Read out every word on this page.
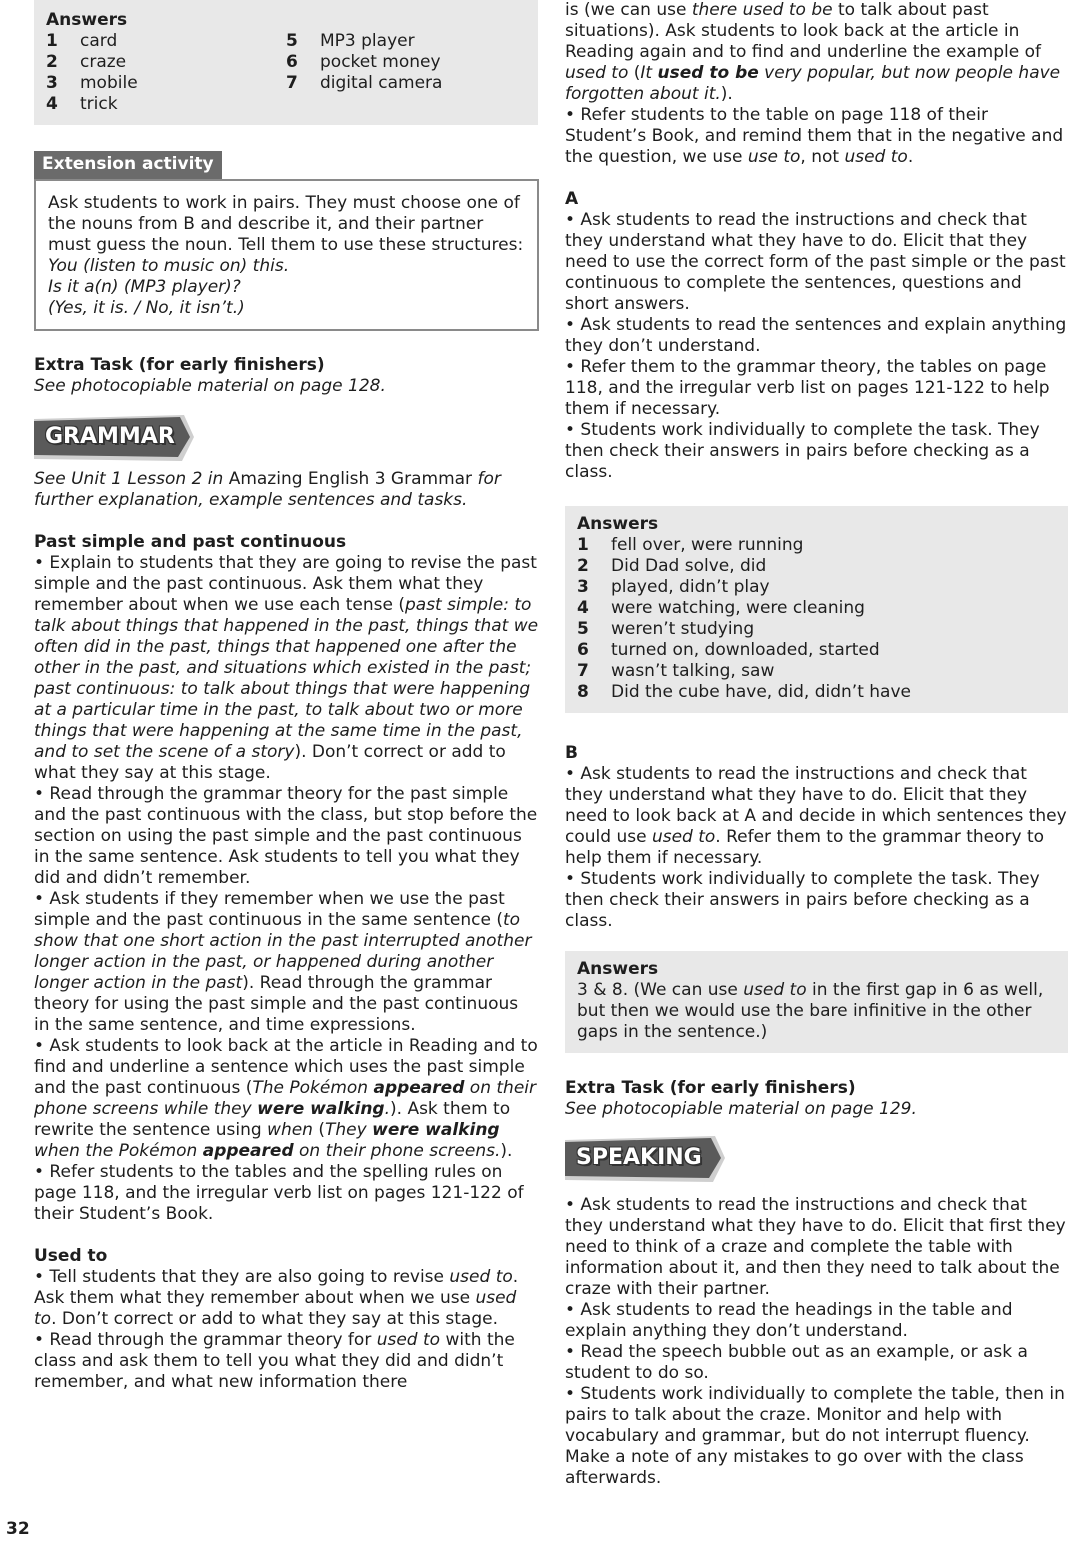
Answers
1	card
2	craze
3	mobile
4	trick
5	MP3 player
6	pocket money
7	digital camera
Extension activity

Ask students to work in pairs. They must choose one of the nouns from B and describe it, and their partner must guess the noun. Tell them to use these structures:

You (listen to music on) this.

Is it a(n) (MP3 player)?

(Yes, it is. / No, it isn’t.)

Extra Task (for early finishers)

See photocopiable material on page 128.

GRAMMAR

See Unit 1 Lesson 2 in Amazing English 3 Grammar for further explanation, example sentences and tasks.

Past simple and past continuous

• Explain to students that they are going to revise the past simple and the past continuous. Ask them what they remember about when we use each tense (past simple: to talk about things that happened in the past, things that we often did in the past, things that happened one after the other in the past, and situations which existed in the past; past continuous: to talk about things that were happening at a particular time in the past, to talk about two or more things that were happening at the same time in the past, and to set the scene of a story). Don’t correct or add to what they say at this stage.

• Read through the grammar theory for the past simple and the past continuous with the class, but stop before the section on using the past simple and the past continuous in the same sentence. Ask students to tell you what they did and didn’t remember.

• Ask students if they remember when we use the past simple and the past continuous in the same sentence (to show that one short action in the past interrupted another longer action in the past, or happened during another longer action in the past). Read through the grammar theory for using the past simple and the past continuous in the same sentence, and time expressions.

• Ask students to look back at the article in Reading and to find and underline a sentence which uses the past simple and the past continuous (The Pokémon appeared on their phone screens while they were walking.). Ask them to rewrite the sentence using when (They were walking when the Pokémon appeared on their phone screens.).

• Refer students to the tables and the spelling rules on page 118, and the irregular verb list on pages 121-122 of their Student’s Book.

Used to

• Tell students that they are also going to revise used to. Ask them what they remember about when we use used to. Don’t correct or add to what they say at this stage.

• Read through the grammar theory for used to with the class and ask them to tell you what they did and didn’t remember, and what new information there

is (we can use there used to be to talk about past situations). Ask students to look back at the article in Reading again and to find and underline the example of used to (It used to be very popular, but now people have forgotten about it.).

• Refer students to the table on page 118 of their Student’s Book, and remind them that in the negative and the question, we use use to, not used to.

A

• Ask students to read the instructions and check that they understand what they have to do. Elicit that they need to use the correct form of the past simple or the past continuous to complete the sentences, questions and short answers.

• Ask students to read the sentences and explain anything they don’t understand.

• Refer them to the grammar theory, the tables on page 118, and the irregular verb list on pages 121-122 to help them if necessary.

• Students work individually to complete the task. They then check their answers in pairs before checking as a class.

Answers
1	fell over, were running
2	Did Dad solve, did
3	played, didn’t play
4	were watching, were cleaning
5	weren’t studying
6	turned on, downloaded, started
7	wasn’t talking, saw
8	Did the cube have, did, didn’t have
B

• Ask students to read the instructions and check that they understand what they have to do. Elicit that they need to look back at A and decide in which sentences they could use used to. Refer them to the grammar theory to help them if necessary.

• Students work individually to complete the task. They then check their answers in pairs before checking as a class.

Answers

3 & 8. (We can use used to in the first gap in 6 as well, but then we would use the bare infinitive in the other gaps in the sentence.)

Extra Task (for early finishers)

See photocopiable material on page 129.

SPEAKING

• Ask students to read the instructions and check that they understand what they have to do. Elicit that first they need to think of a craze and complete the table with information about it, and then they need to talk about the craze with their partner.

• Ask students to read the headings in the table and explain anything they don’t understand.

• Read the speech bubble out as an example, or ask a student to do so.

• Students work individually to complete the table, then in pairs to talk about the craze. Monitor and help with vocabulary and grammar, but do not interrupt fluency. Make a note of any mistakes to go over with the class afterwards.

32
